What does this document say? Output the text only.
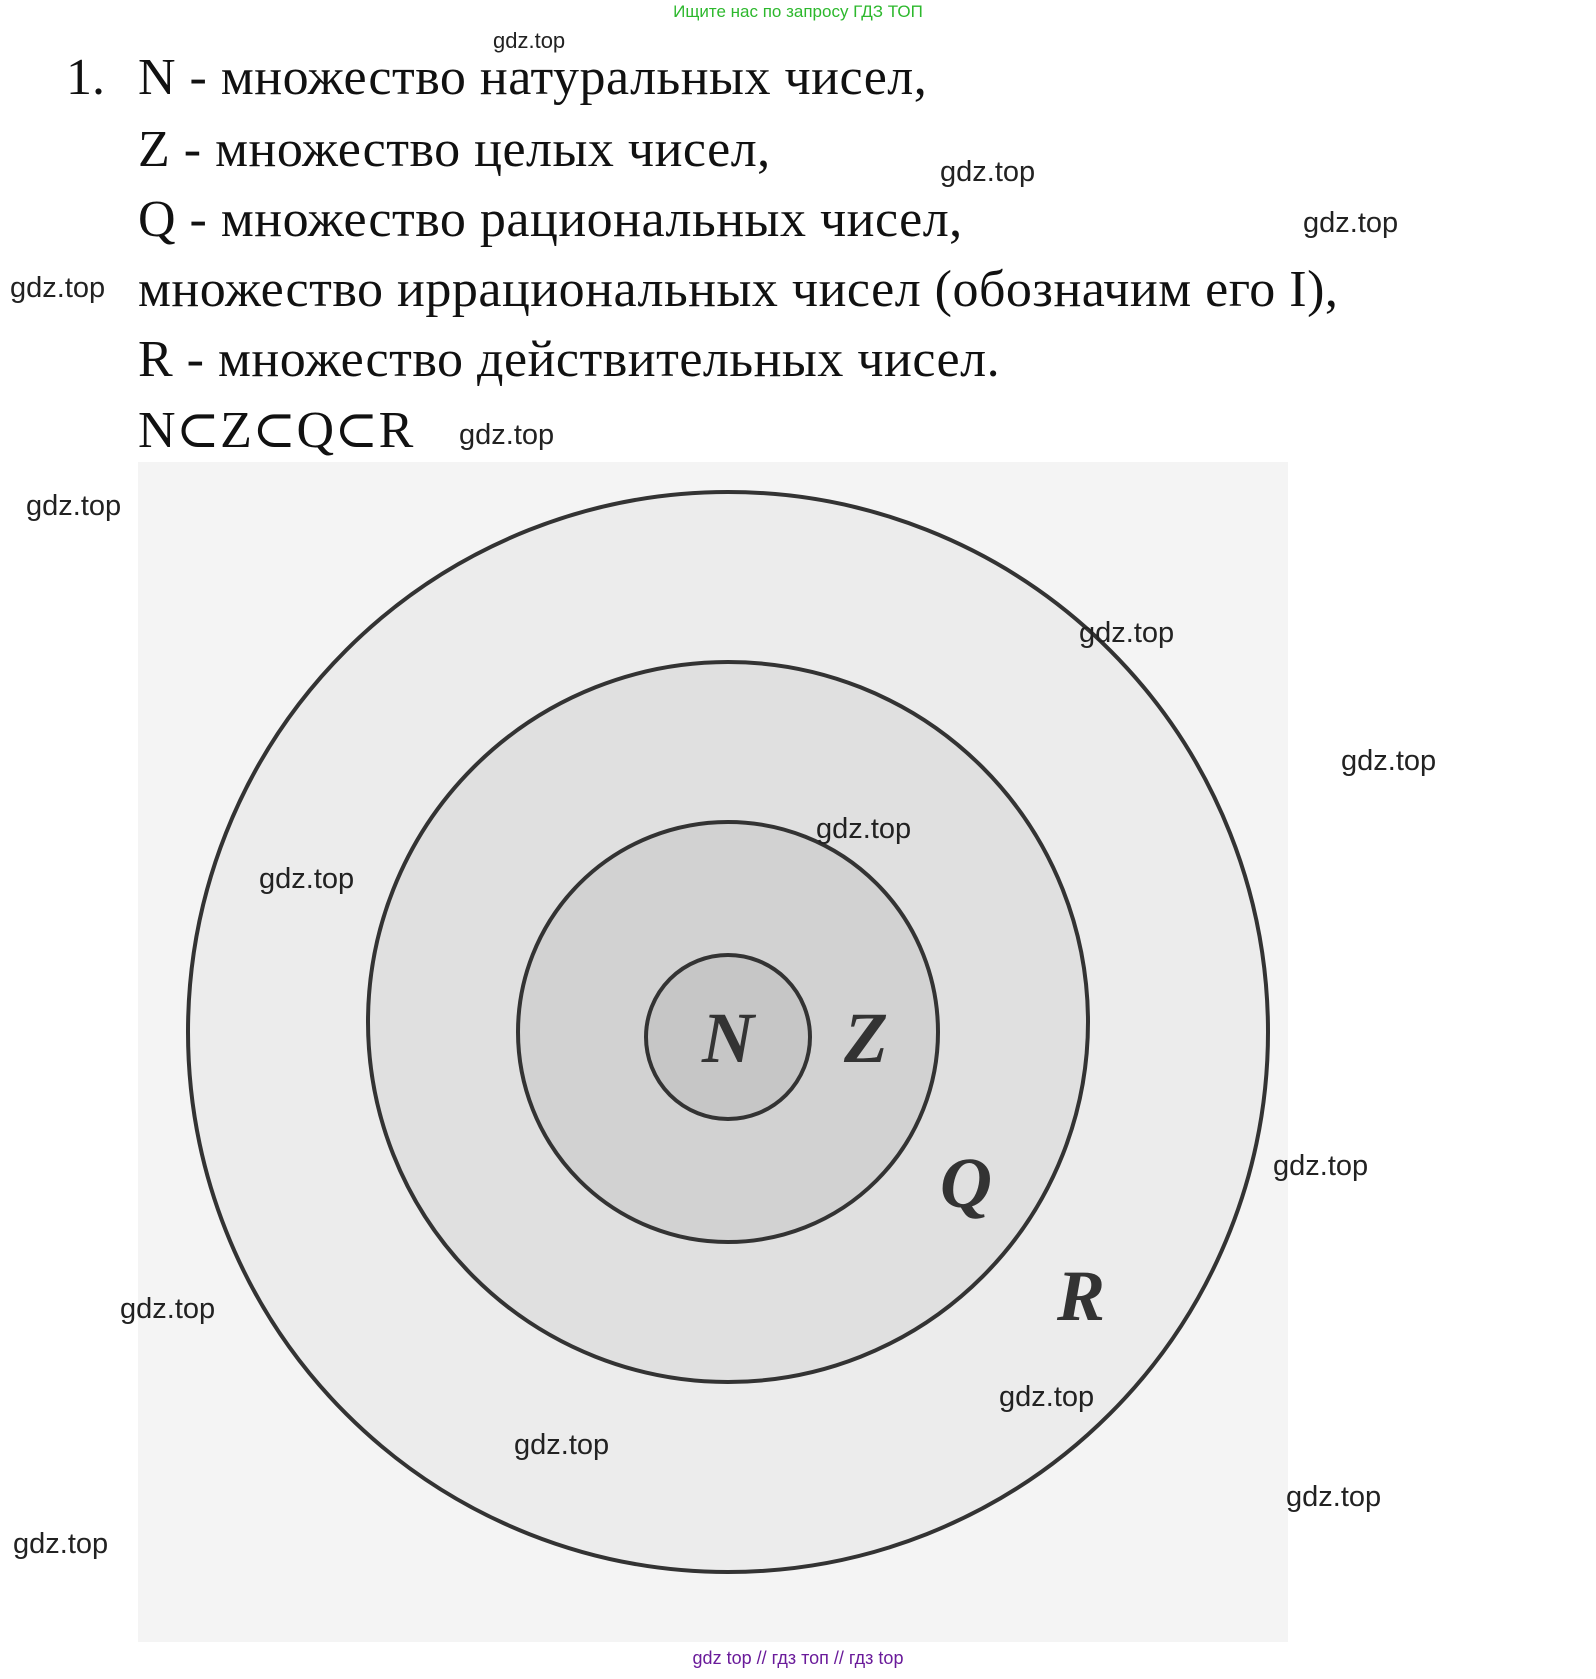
Ищите нас по запросу ГДЗ ТОП
1. N - множество натуральных чисел,
Z - множество целых чисел,
Q - множество рациональных чисел,
множество иррациональных чисел (обозначим его I),
R - множество действительных чисел.
N⊂Z⊂Q⊂R
N Z
Q
R
gdz.top
gdz.top
gdz.top
gdz.top
gdz.top
gdz.top
gdz.top
gdz.top
gdz.top
gdz.top
gdz.top
gdz.top
gdz.top
gdz.top
gdz.top
gdz.top
gdz top // гдз топ // гдз top
